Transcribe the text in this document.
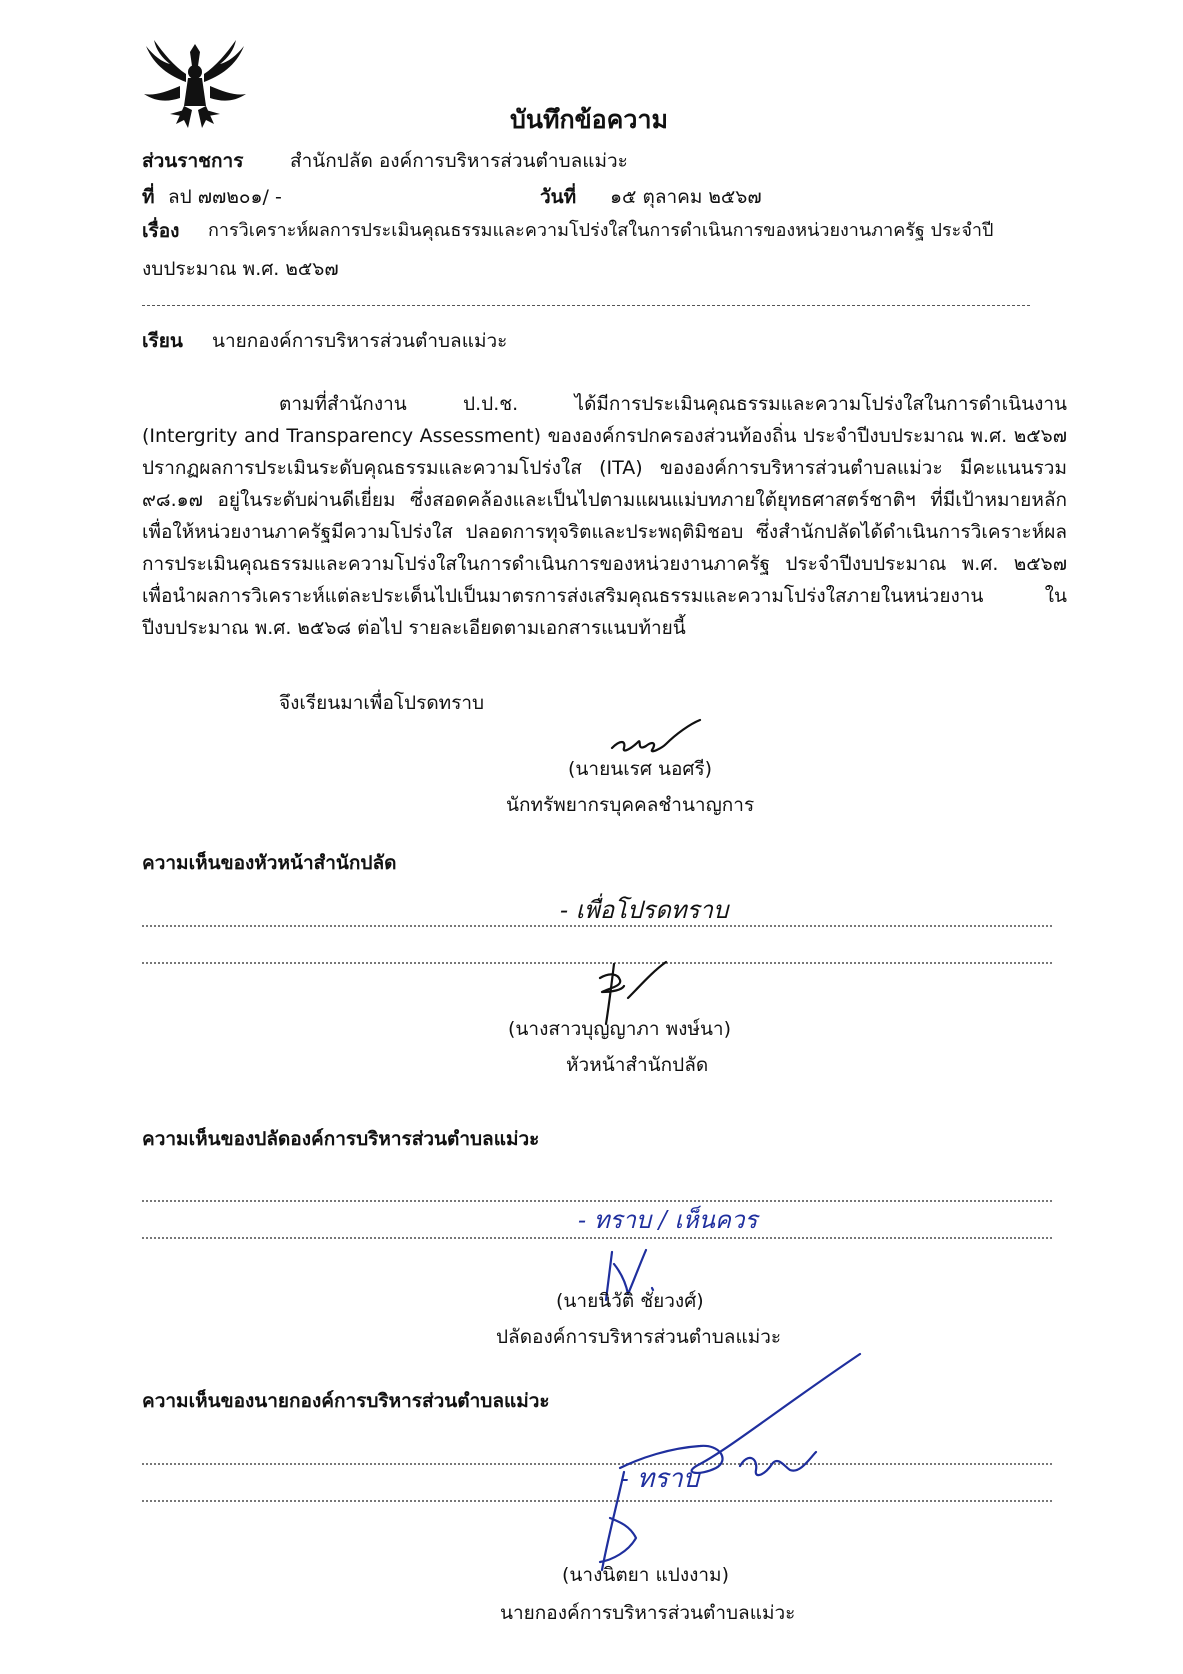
บันทึกข้อความ
ส่วนราชการ สำนักปลัด องค์การบริหารส่วนตำบลแม่วะ
ที่ ลป ๗๗๒๐๑/ -	วันที่ ๑๕ ตุลาคม ๒๕๖๗
เรื่อง การวิเคราะห์ผลการประเมินคุณธรรมและความโปร่งใสในการดำเนินการของหน่วยงานภาครัฐ ประจำปี
งบประมาณ พ.ศ. ๒๕๖๗
เรียน นายกองค์การบริหารส่วนตำบลแม่วะ

ตามที่สำนักงาน ป.ป.ช. ได้มีการประเมินคุณธรรมและความโปร่งใสในการดำเนินงาน (Intergrity and Transparency Assessment) ขององค์กรปกครองส่วนท้องถิ่น ประจำปีงบประมาณ พ.ศ. ๒๕๖๗ ปรากฏผลการประเมินระดับคุณธรรมและความโปร่งใส (ITA) ขององค์การบริหารส่วนตำบลแม่วะ มีคะแนนรวม ๙๘.๑๗ อยู่ในระดับผ่านดีเยี่ยม ซึ่งสอดคล้องและเป็นไปตามแผนแม่บทภายใต้ยุทธศาสตร์ชาติฯ ที่มีเป้าหมายหลักเพื่อให้หน่วยงานภาครัฐมีความโปร่งใส ปลอดการทุจริตและประพฤติมิชอบ ซึ่งสำนักปลัดได้ดำเนินการวิเคราะห์ผลการประเมินคุณธรรมและความโปร่งใสในการดำเนินการของหน่วยงานภาครัฐ ประจำปีงบประมาณ พ.ศ. ๒๕๖๗ เพื่อนำผลการวิเคราะห์แต่ละประเด็นไปเป็นมาตรการส่งเสริมคุณธรรมและความโปร่งใสภายในหน่วยงาน ในปีงบประมาณ พ.ศ. ๒๕๖๘ ต่อไป รายละเอียดตามเอกสารแนบท้ายนี้

จึงเรียนมาเพื่อโปรดทราบ
(นายนเรศ นอศรี)
นักทรัพยากรบุคคลชำนาญการ
ความเห็นของหัวหน้าสำนักปลัด
- เพื่อโปรดทราบ
(นางสาวบุญญาภา พงษ์นา)
หัวหน้าสำนักปลัด
ความเห็นของปลัดองค์การบริหารส่วนตำบลแม่วะ
- ทราบ / เห็นควร
(นายนิวัติ ชัยวงศ์)
ปลัดองค์การบริหารส่วนตำบลแม่วะ
ความเห็นของนายกองค์การบริหารส่วนตำบลแม่วะ
- ทราบ
(นางนิตยา แปงงาม)
นายกองค์การบริหารส่วนตำบลแม่วะ
